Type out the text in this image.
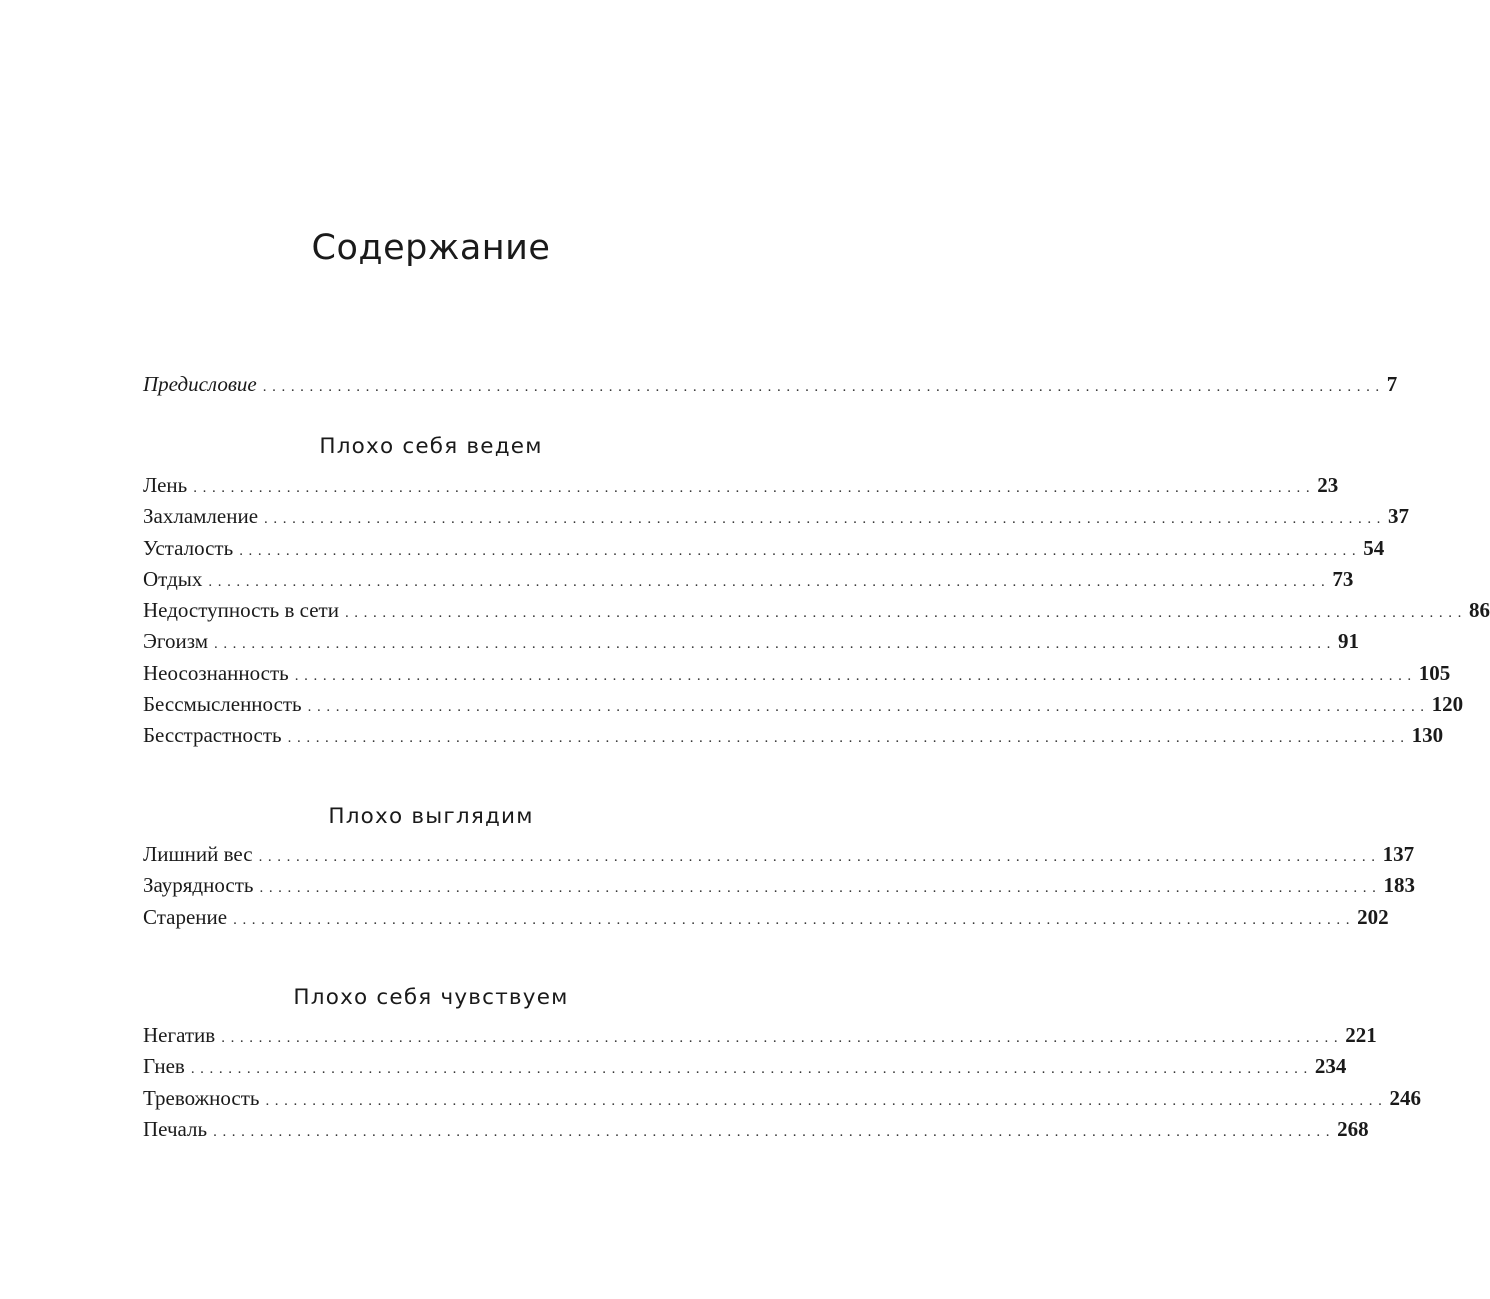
Содержание
Предисловие ........................................................................................................................ 7
Плохо себя ведем
Лень ........................................................................................................................ 23
Захламление ........................................................................................................................ 37
Усталость ........................................................................................................................ 54
Отдых ........................................................................................................................ 73
Недоступность в сети ........................................................................................................................ 86
Эгоизм ........................................................................................................................ 91
Неосознанность ........................................................................................................................ 105
Бессмысленность ........................................................................................................................ 120
Бесстрастность ........................................................................................................................ 130
Плохо выглядим
Лишний вес ........................................................................................................................ 137
Заурядность ........................................................................................................................ 183
Старение ........................................................................................................................ 202
Плохо себя чувствуем
Негатив ........................................................................................................................ 221
Гнев ........................................................................................................................ 234
Тревожность ........................................................................................................................ 246
Печаль ........................................................................................................................ 268
